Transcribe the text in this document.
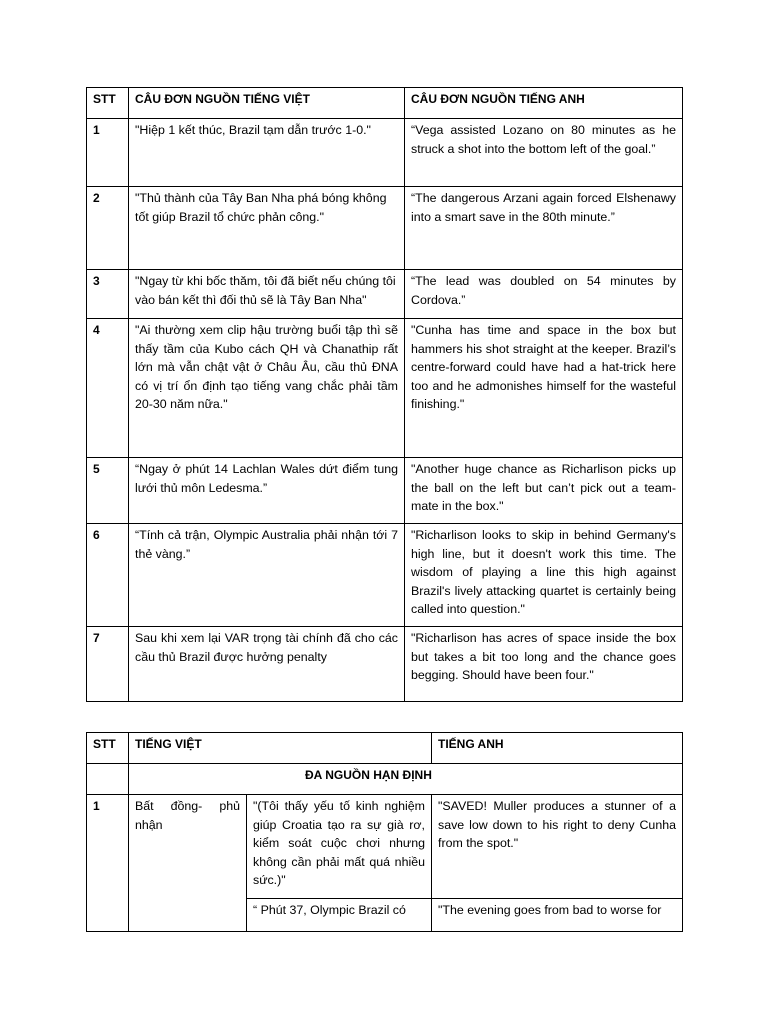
STT	CÂU ĐƠN NGUỒN TIẾNG VIỆT	CÂU ĐƠN NGUỒN TIẾNG ANH
1	"Hiệp 1 kết thúc, Brazil tạm dẫn trước 1-0."	“Vega assisted Lozano on 80 minutes as he struck a shot into the bottom left of the goal.”
2	"Thủ thành của Tây Ban Nha phá bóng không tốt giúp Brazil tổ chức phản công."	“The dangerous Arzani again forced Elshenawy into a smart save in the 80th minute.”
3	"Ngay từ khi bốc thăm, tôi đã biết nếu chúng tôi vào bán kết thì đối thủ sẽ là Tây Ban Nha"	“The lead was doubled on 54 minutes by Cordova.”
4	"Ai thường xem clip hậu trường buổi tập thì sẽ thấy tầm của Kubo cách QH và Chanathip rất lớn mà vẫn chật vật ở Châu Âu, cầu thủ ĐNA có vị trí ổn định tạo tiếng vang chắc phải tầm 20-30 năm nữa."	"Cunha has time and space in the box but hammers his shot straight at the keeper. Brazil’s centre-forward could have had a hat-trick here too and he admonishes himself for the wasteful finishing."
5	“Ngay ở phút 14 Lachlan Wales dứt điểm tung lưới thủ môn Ledesma.”	"Another huge chance as Richarlison picks up the ball on the left but can’t pick out a team-mate in the box."
6	“Tính cả trận, Olympic Australia phải nhận tới 7 thẻ vàng.”	"Richarlison looks to skip in behind Germany's high line, but it doesn't work this time. The wisdom of playing a line this high against Brazil's lively attacking quartet is certainly being called into question."
7	Sau khi xem lại VAR trọng tài chính đã cho các cầu thủ Brazil được hưởng penalty	"Richarlison has acres of space inside the box but takes a bit too long and the chance goes begging. Should have been four."
STT	TIẾNG VIỆT		TIẾNG ANH
	ĐA NGUỒN HẠN ĐỊNH		
1	Bất đồng- phủ nhận	"(Tôi thấy yếu tố kinh nghiệm giúp Croatia tạo ra sự già rơ, kiểm soát cuộc chơi nhưng không cần phải mất quá nhiều sức.)"	"SAVED! Muller produces a stunner of a save low down to his right to deny Cunha from the spot."
		“ Phút 37, Olympic Brazil có	"The evening goes from bad to worse for
